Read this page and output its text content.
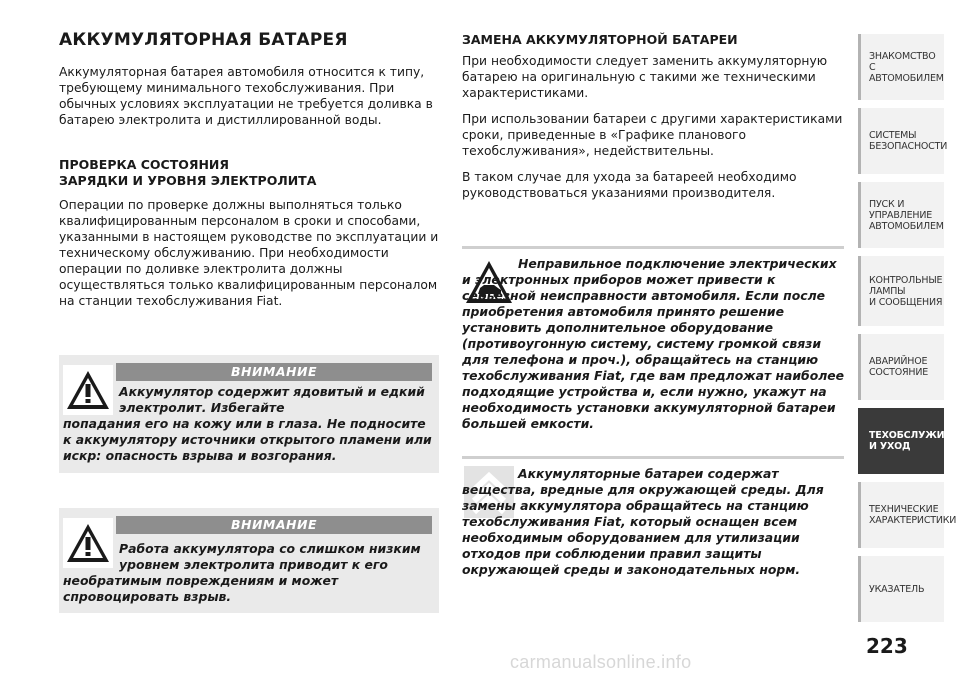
АККУМУЛЯТОРНАЯ БАТАРЕЯ

Аккумуляторная батарея автомобиля относится к типу, требующему минимального техобслуживания. При обычных условиях эксплуатации не требуется доливка в батарею электролита и дистиллированной воды.

ПРОВЕРКА СОСТОЯНИЯ
ЗАРЯДКИ И УРОВНЯ ЭЛЕКТРОЛИТА

Операции по проверке должны выполняться только квалифицированным персоналом в сроки и способами, указанными в настоящем руководстве по эксплуатации и техническому обслуживанию. При необходимости операции по доливке электролита должны осуществляться только квалифицированным персоналом на станции техобслуживания Fiat.

ВНИМАНИЕ

Аккумулятор содержит ядовитый и едкий электролит. Избегайте
попадания его на кожу или в глаза. Не подносите к аккумулятору источники открытого пламени или искр: опасность взрыва и возгорания.

ВНИМАНИЕ

Работа аккумулятора со слишком низким уровнем электролита приводит к его
необратимым повреждениям и может спровоцировать взрыв.

ЗАМЕНА АККУМУЛЯТОРНОЙ БАТАРЕИ

При необходимости следует заменить аккумуляторную батарею на оригинальную с такими же техническими характеристиками.

При использовании батареи с другими характеристиками сроки, приведенные в «Графике планового техобслуживания», недействительны.

В таком случае для ухода за батареей необходимо руководствоваться указаниями производителя.

Неправильное подключение электрических и электронных приборов может привести к серьезной неисправности автомобиля. Если после приобретения автомобиля принято решение установить дополнительное оборудование (противоугонную систему, систему громкой связи для телефона и проч.), обращайтесь на станцию техобслуживания Fiat, где вам предложат наиболее подходящие устройства и, если нужно, укажут на необходимость установки аккумуляторной батареи большей емкости.

Аккумуляторные батареи содержат вещества, вредные для окружающей среды. Для замены аккумулятора обращайтесь на станцию техобслуживания Fiat, который оснащен всем необходимым оборудованием для утилизации отходов при соблюдении правил защиты окружающей среды и законодательных норм.

ЗНАКОМСТВО С
АВТОМОБИЛЕМ
СИСТЕМЫ
БЕЗОПАСНОСТИ
ПУСК И УПРАВЛЕНИЕ
АВТОМОБИЛЕМ
КОНТРОЛЬНЫЕ
ЛАМПЫ
И СООБЩЕНИЯ
АВАРИЙНОЕ
СОСТОЯНИЕ
ТЕХОБСЛУЖИВАНИЕ
И УХОД
ТЕХНИЧЕСКИЕ
ХАРАКТЕРИСТИКИ
УКАЗАТЕЛЬ
223
carmanualsonline.info
